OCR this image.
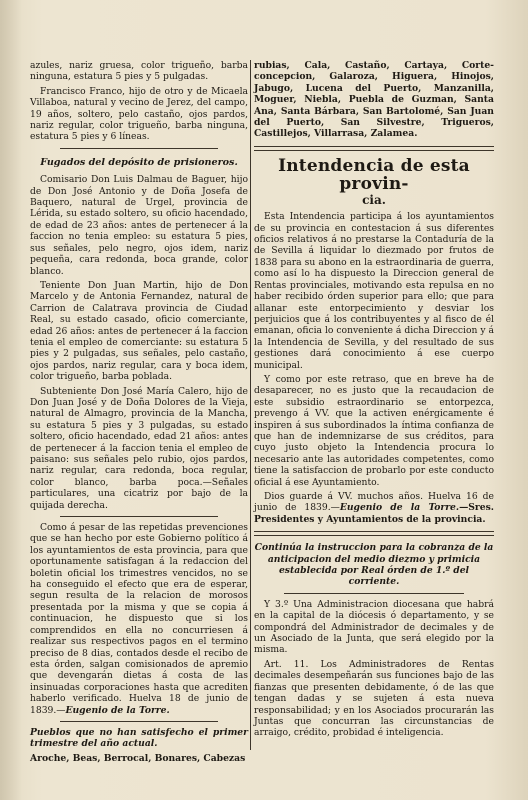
azules, nariz gruesa, color trigueño, barba ninguna, estatura 5 pies y 5 pulgadas.

Francisco Franco, hijo de otro y de Micaela Villaboa, natural y vecino de Jerez, del campo, 19 años, soltero, pelo castaño, ojos pardos, nariz regular, color trigueño, barba ninguna, estatura 5 pies y 6 líneas.

Fugados del depósito de prisioneros.

Comisario Don Luis Dalmau de Baguer, hijo de Don José Antonio y de Doña Josefa de Baquero, natural de Urgel, provincia de Lérida, su estado soltero, su oficio hacendado, de edad de 23 años: antes de pertenecer á la faccion no tenia empleo: su estatura 5 pies, sus señales, pelo negro, ojos idem, nariz pequeña, cara redonda, boca grande, color blanco.

Teniente Don Juan Martin, hijo de Don Marcelo y de Antonia Fernandez, natural de Carrion de Calatrava provincia de Ciudad Real, su estado casado, oficio comerciante, edad 26 años: antes de pertenecer á la faccion tenia el empleo de comerciante: su estatura 5 pies y 2 pulgadas, sus señales, pelo castaño, ojos pardos, nariz regular, cara y boca idem, color trigueño, barba poblada.

Subteniente Don José María Calero, hijo de Don Juan José y de Doña Dolores de la Vieja, natural de Almagro, provincia de la Mancha, su estatura 5 pies y 3 pulgadas, su estado soltero, oficio hacendado, edad 21 años: antes de pertenecer á la faccion tenia el empleo de paisano: sus señales pelo rubio, ojos pardos, nariz regular, cara redonda, boca regular, color blanco, barba poca.—Señales particulares, una cicatriz por bajo de la quijada derecha.

Como á pesar de las repetidas prevenciones que se han hecho por este Gobierno político á los ayuntamientos de esta provincia, para que oportunamente satisfagan á la redaccion del boletin oficial los trimestres vencidos, no se ha conseguido el efecto que era de esperar, segun resulta de la relacion de morosos presentada por la misma y que se copia á continuacion, he dispuesto que si los comprendidos en ella no concurriesen á realizar sus respectivos pagos en el termino preciso de 8 dias, contados desde el recibo de esta órden, salgan comisionados de apremio que devengarán dietas á costa de las insinuadas corporaciones hasta que acrediten haberlo verificado. Huelva 18 de junio de 1839.—Eugenio de la Torre.

Pueblos que no han satisfecho el primer trimestre del año actual.

Aroche, Beas, Berrocal, Bonares, Cabezas

rubias, Cala, Castaño, Cartaya, Corte-concepcion, Galaroza, Higuera, Hinojos, Jabugo, Lucena del Puerto, Manzanilla, Moguer, Niebla, Puebla de Guzman, Santa Ana, Santa Bárbara, San Bartolomé, San Juan del Puerto, San Silvestre, Trigueros, Castillejos, Villarrasa, Zalamea.

Intendencia de esta provin-

cia.

Esta Intendencia participa á los ayuntamientos de su provincia en contestacion á sus diferentes oficios relativos á no prestarse la Contaduría de la de Sevilla á liquidar lo diezmado por frutos de 1838 para su abono en la estraordinaria de guerra, como así lo ha dispuesto la Direccion general de Rentas provinciales, motivando esta repulsa en no haber recibido órden superior para ello; que para allanar este entorpecimiento y desviar los perjuicios que á los contribuyentes y al fisco de él emanan, oficia lo conveniente á dicha Direccion y á la Intendencia de Sevilla, y del resultado de sus gestiones dará conocimiento á ese cuerpo municipal.

Y como por este retraso, que en breve ha de desaparecer, no es justo que la recaudacion de este subsidio estraordinario se entorpezca, prevengo á VV. que la activen enérgicamente é inspiren á sus subordinados la íntima confianza de que han de indemnizarse de sus créditos, para cuyo justo objeto la Intendencia procura lo necesario ante las autoridades competentes, como tiene la satisfaccion de probarlo por este conducto oficial á ese Ayuntamiento.

Dios guarde á VV. muchos años. Huelva 16 de junio de 1839.—Eugenio de la Torre.—Sres. Presidentes y Ayuntamientos de la provincia.

Continúa la instruccion para la cobranza de la anticipacion del medio diezmo y primicia establecida por Real órden de 1.º del corriente.

Y 3.º Una Administracion diocesana que habrá en la capital de la diócesis ó departamento, y se compondrá del Administrador de decimales y de un Asociado de la Junta, que será elegido por la misma.

Art. 11. Los Administradores de Rentas decimales desempeñarán sus funciones bajo de las fianzas que presenten debidamente, ó de las que tengan dadas y se sujeten á esta nueva responsabilidad; y en los Asociados procurarán las Juntas que concurran las circunstancias de arraigo, crédito, probidad é inteligencia.
